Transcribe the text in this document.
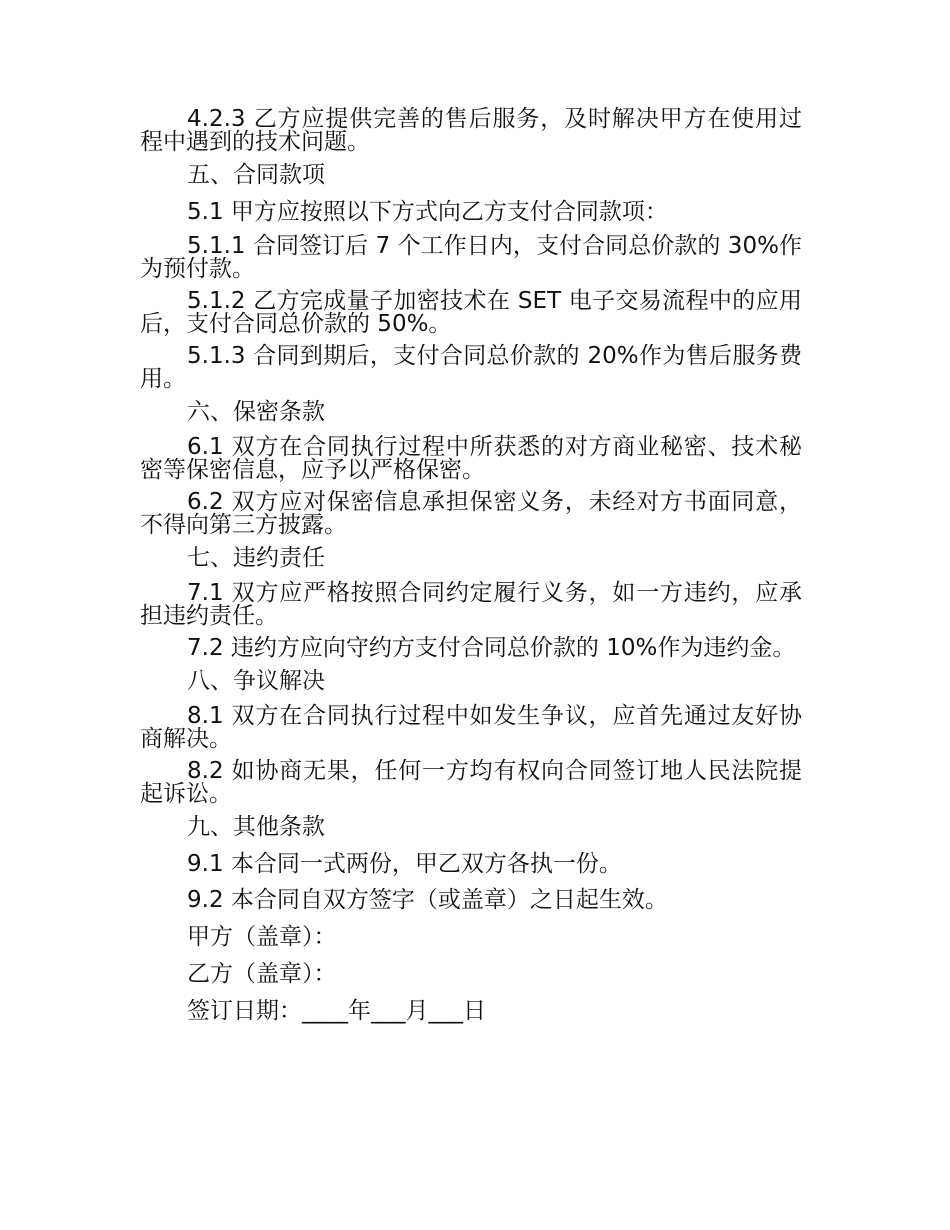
4.2.3 乙方应提供完善的售后服务，及时解决甲方在使用过程中遇到的技术问题。

五、合同款项

5.1 甲方应按照以下方式向乙方支付合同款项：

5.1.1 合同签订后 7 个工作日内，支付合同总价款的 30%作为预付款。

5.1.2 乙方完成量子加密技术在 SET 电子交易流程中的应用后，支付合同总价款的 50%。

5.1.3 合同到期后，支付合同总价款的 20%作为售后服务费用。

六、保密条款

6.1 双方在合同执行过程中所获悉的对方商业秘密、技术秘密等保密信息，应予以严格保密。

6.2 双方应对保密信息承担保密义务，未经对方书面同意，不得向第三方披露。

七、违约责任

7.1 双方应严格按照合同约定履行义务，如一方违约，应承担违约责任。

7.2 违约方应向守约方支付合同总价款的 10%作为违约金。

八、争议解决

8.1 双方在合同执行过程中如发生争议，应首先通过友好协商解决。

8.2 如协商无果，任何一方均有权向合同签订地人民法院提起诉讼。

九、其他条款

9.1 本合同一式两份，甲乙双方各执一份。

9.2 本合同自双方签字（或盖章）之日起生效。

甲方（盖章）：

乙方（盖章）：

签订日期：____年___月___日
